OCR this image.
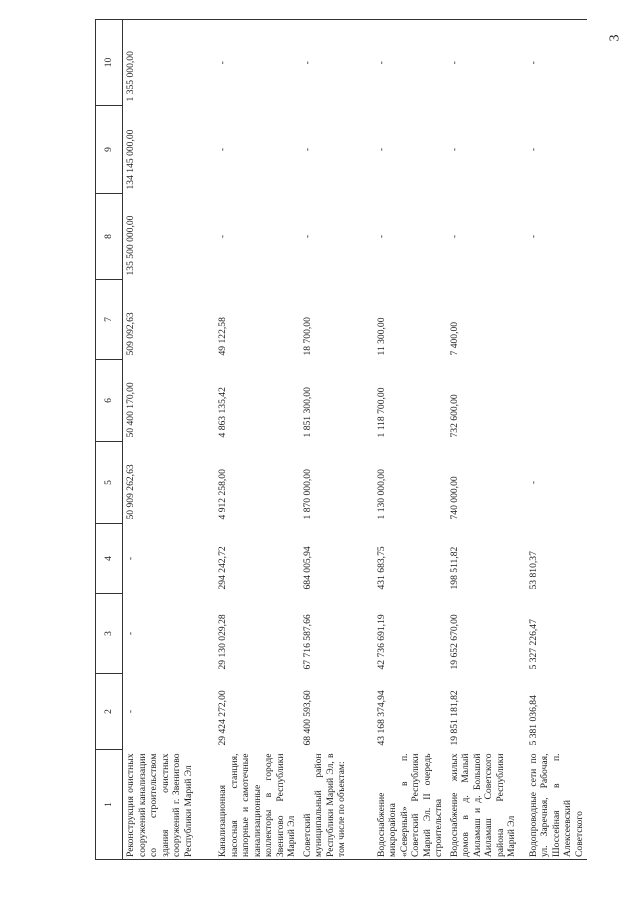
3
1	2	3	4	5	6	7	8	9	10
Реконструкция очистных сооружений канализации со строительством здания очистных сооружений г. Звенигово Республики Марий Эл	-	-	-	50 909 262,63	50 400 170,00	509 092,63	135 500 000,00	134 145 000,00	1 355 000,00
Канализационная насосная станция, напорные и самотечные канализационные коллекторы в городе Звенигово Республики Марий Эл	29 424 272,00	29 130 029,28	294 242,72	4 912 258,00	4 863 135,42	49 122,58	-	-	-
Советский муниципальный район Республики Марий Эл, в том числе по объектам:	68 400 593,60	67 716 587,66	684 005,94	1 870 000,00	1 851 300,00	18 700,00	-	-	-
Водоснабжение микрорайона «Северный» в п. Советский Республики Марий Эл. II очередь строительства	43 168 374,94	42 736 691,19	431 683,75	1 130 000,00	1 118 700,00	11 300,00	-	-	-
Водоснабжение жилых домов в д. Малый Аиламаш и д. Большой Аиламаш Советского района Республики Марий Эл	19 851 181,82	19 652 670,00	198 511,82	740 000,00	732 600,00	7 400,00	-	-	-
Водопроводные сети по ул. Заречная, Рабочая, Шоссейная в п. Алексеевский Советского	5 381 036,84	5 327 226,47	53 810,37	-			-	-	-
